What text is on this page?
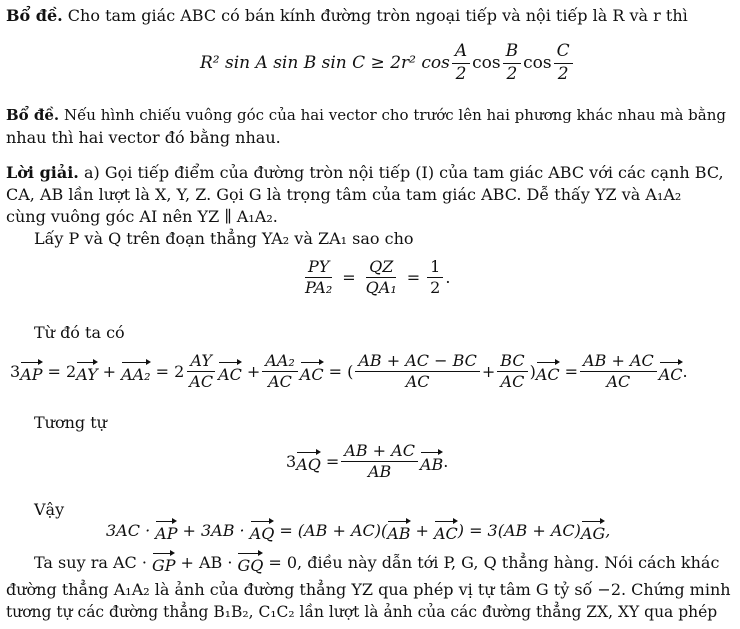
Bổ đề. Cho tam giác ABC có bán kính đường tròn ngoại tiếp và nội tiếp là R và r thì
R² sin A sin B sin C ≥ 2r² $\cos \frac{A}{2}$ $\cos \frac{B}{2}$ $\cos \frac{C}{2}$
Bổ đề. Nếu hình chiếu vuông góc của hai vector cho trước lên hai phương khác nhau mà bằng
nhau thì hai vector đó bằng nhau.
Lời giải. a) Gọi tiếp điểm của đường tròn nội tiếp (I) của tam giác ABC với các cạnh BC,
CA, AB lần lượt là X, Y, Z. Gọi G là trọng tâm của tam giác ABC. Dễ thấy YZ và A₁A₂
cùng vuông góc AI nên YZ ∥ A₁A₂.
Lấy P và Q trên đoạn thẳng YA₂ và ZA₁ sao cho
$\frac{PY}{\text{PA₂}} = \frac{QZ}{\text{QA₁}} = \frac{1}{2}$ .
Từ đó ta có
3 AP = 2 AY + $AA_2 = 2 \frac{AY}{AC}$ AC + $\frac{\text{AA₂}}{AC}$ AC = ( $\frac{AB + AC - BC}{AC} + \frac{BC}{AC}$ ) AC = $\frac{AB + AC}{AC}$ AC .
Tương tự
3 AQ = $\frac{AB + AC}{AB}$ AB .
Vậy
3AC · AP + 3AB · AQ = (AB + AC)( AB + AC ) = 3(AB + AC) AG ,
Ta suy ra AC · GP + AB · GQ = 0, điều này dẫn tới P, G, Q thẳng hàng. Nói cách khác
đường thẳng A₁A₂ là ảnh của đường thẳng YZ qua phép vị tự tâm G tỷ số −2. Chứng minh
tương tự các đường thẳng B₁B₂, C₁C₂ lần lượt là ảnh của các đường thẳng ZX, XY qua phép
